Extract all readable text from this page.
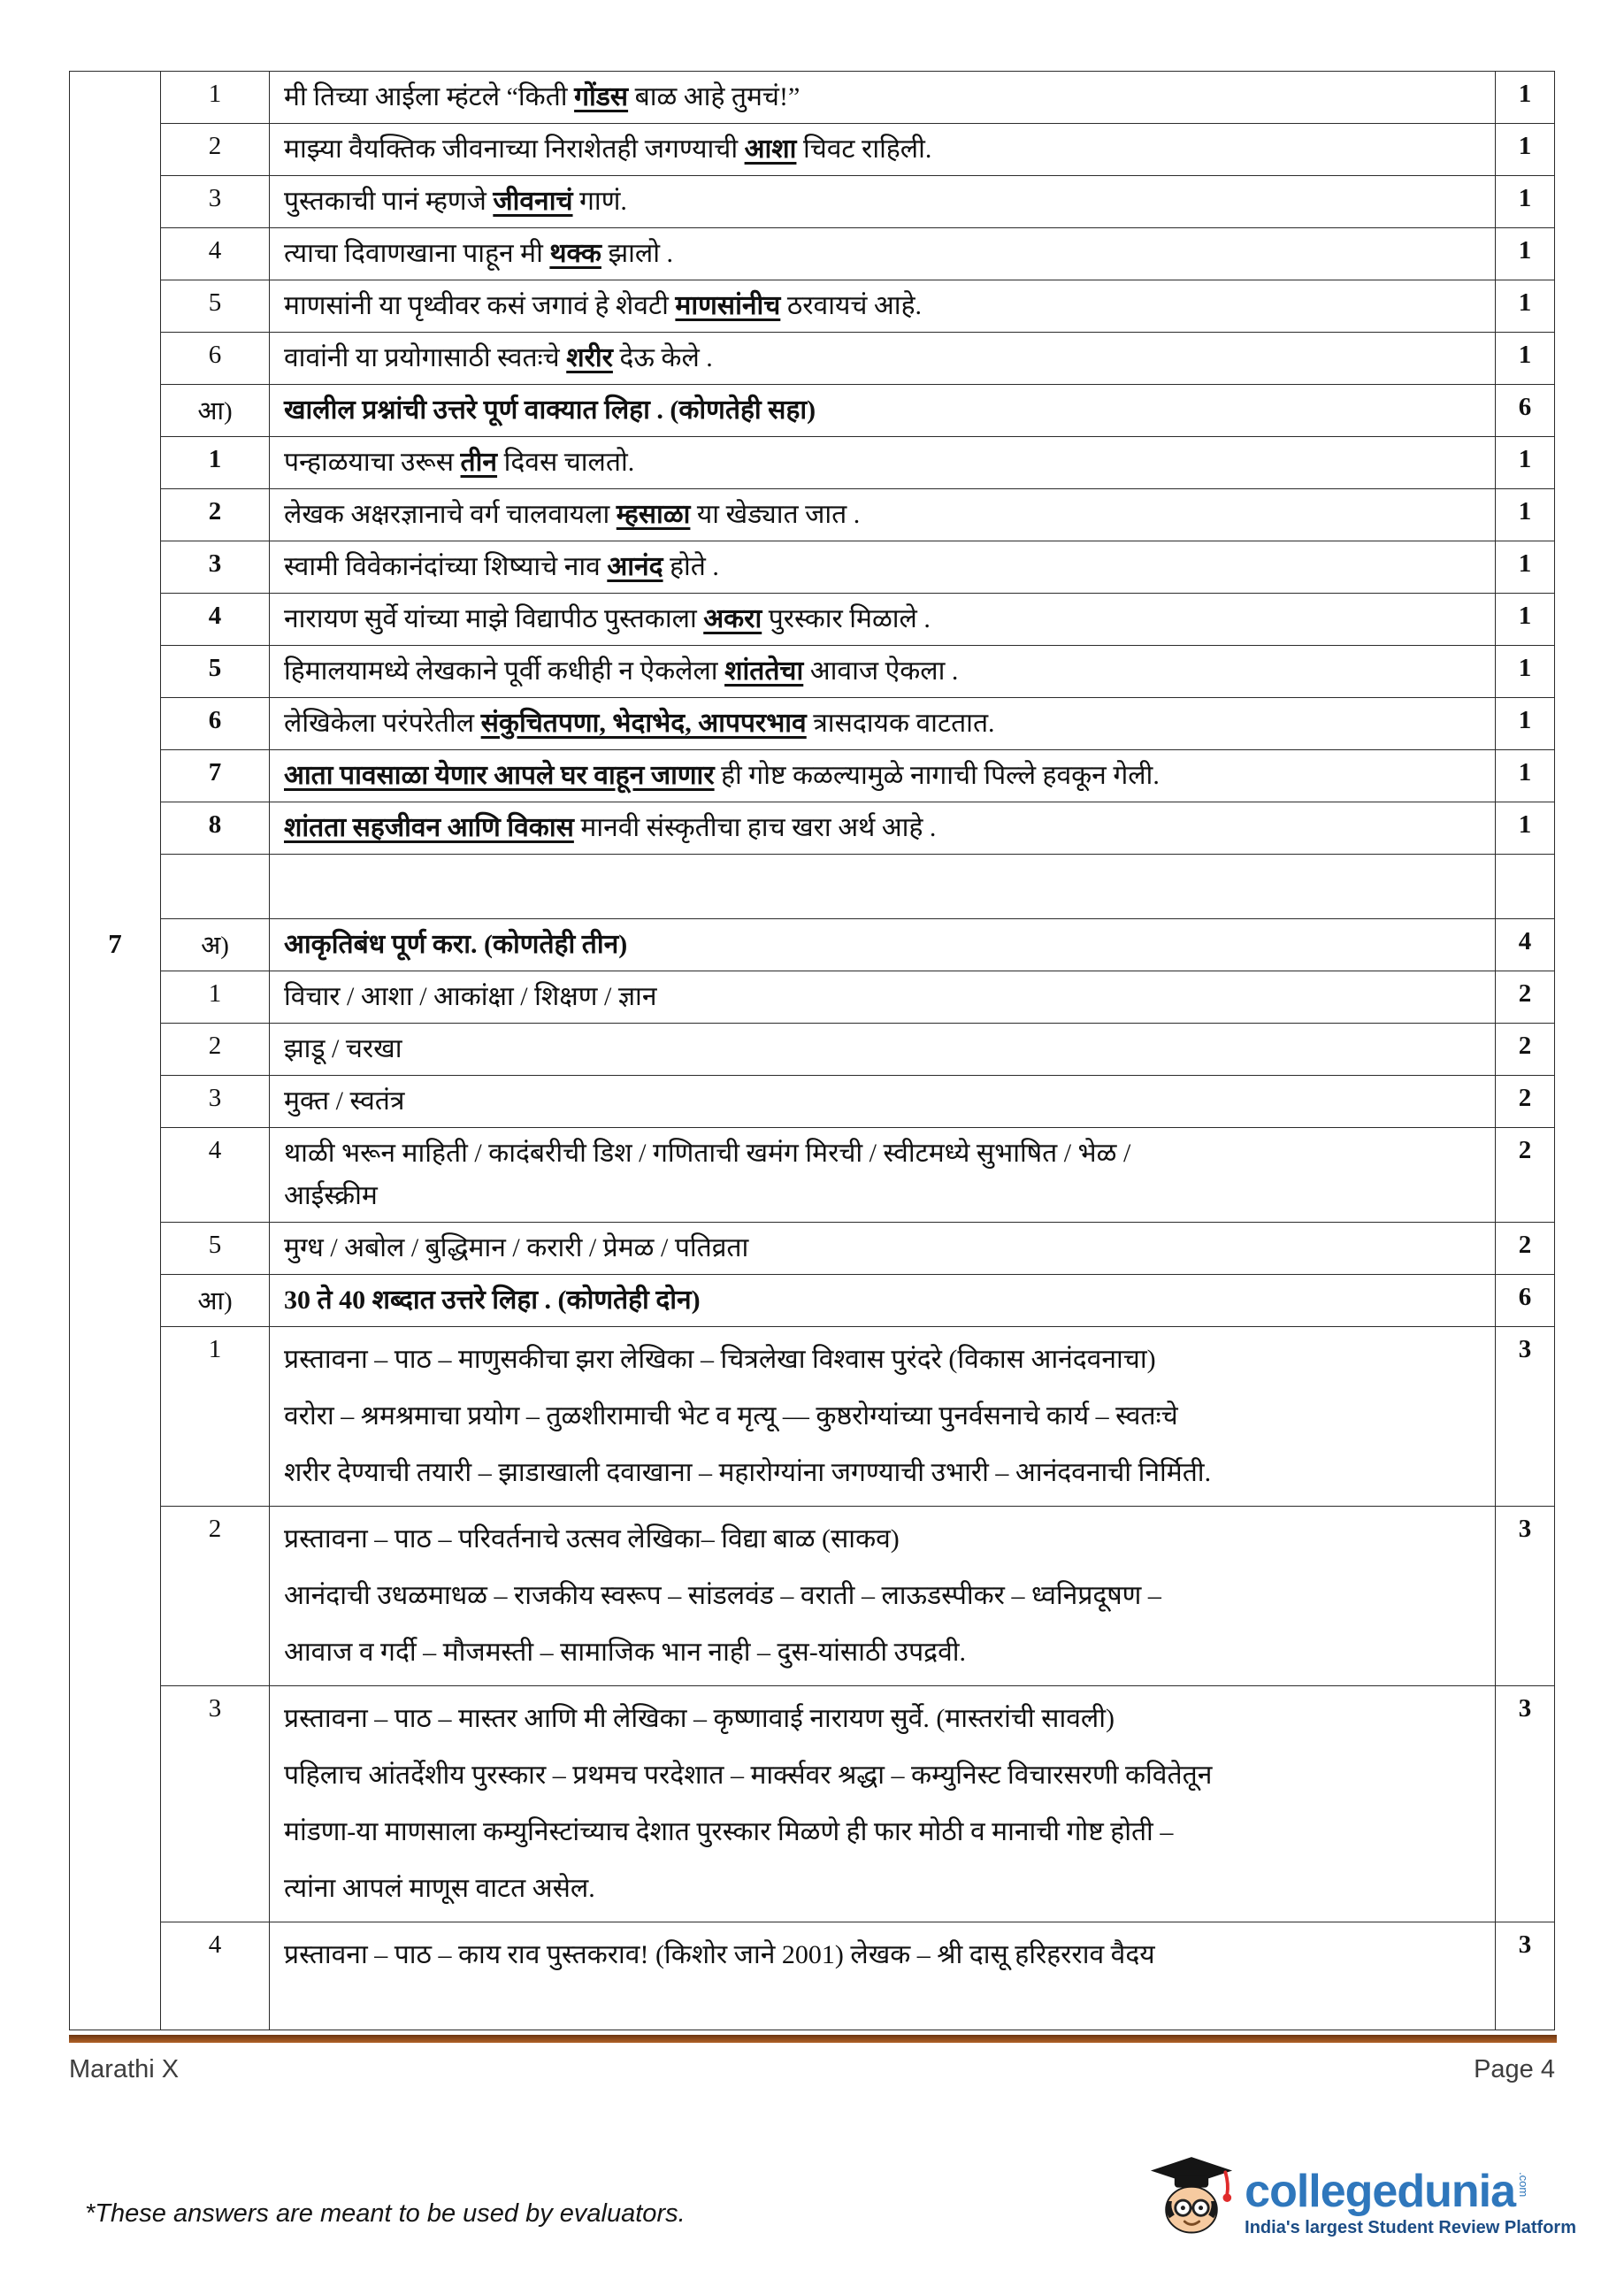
	1	मी तिच्या आईला म्हंटले “किती गोंडस बाळ आहे तुमचं!”	1
	2	माझ्या वैयक्तिक जीवनाच्या निराशेतही जगण्याची आशा चिवट राहिली.	1
	3	पुस्तकाची पानं म्हणजे जीवनाचं गाणं.	1
	4	त्याचा दिवाणखाना पाहून मी थक्क झालो .	1
	5	माणसांनी या पृथ्वीवर कसं जगावं हे शेवटी माणसांनीच ठरवायचं आहे.	1
	6	वावांनी या प्रयोगासाठी स्वतःचे शरीर देऊ केले .	1
	आ)	खालील प्रश्नांची उत्तरे पूर्ण वाक्यात लिहा . (कोणतेही सहा)	6
	1	पन्हाळयाचा उरूस तीन दिवस चालतो.	1
	2	लेखक अक्षरज्ञानाचे वर्ग चालवायला म्हसाळा या खेड्यात जात .	1
	3	स्वामी विवेकानंदांच्या शिष्याचे नाव आनंद होते .	1
	4	नारायण सुर्वे यांच्या माझे विद्यापीठ पुस्तकाला अकरा पुरस्कार मिळाले .	1
	5	हिमालयामध्ये लेखकाने पूर्वी कधीही न ऐकलेला शांततेचा आवाज ऐकला .	1
	6	लेखिकेला परंपरेतील संकुचितपणा, भेदाभेद, आपपरभाव त्रासदायक वाटतात.	1
	7	आता पावसाळा येणार आपले घर वाहून जाणार ही गोष्ट कळल्यामुळे नागाची पिल्ले हवकून गेली.	1
	8	शांतता सहजीवन आणि विकास मानवी संस्कृतीचा हाच खरा अर्थ आहे .	1

7	अ)	आकृतिबंध पूर्ण करा. (कोणतेही तीन)	4
	1	विचार / आशा / आकांक्षा / शिक्षण / ज्ञान	2
	2	झाडू / चरखा	2
	3	मुक्त / स्वतंत्र	2
	4	थाळी भरून माहिती / कादंबरीची डिश / गणिताची खमंग मिरची / स्वीटमध्ये सुभाषित / भेळ /
आईस्क्रीम	2
	5	मुग्ध / अबोल / बुद्धिमान / करारी / प्रेमळ / पतिव्रता	2
	आ)	30 ते 40 शब्दात उत्तरे लिहा . (कोणतेही दोन)	6
	1	प्रस्तावना – पाठ – माणुसकीचा झरा लेखिका – चित्रलेखा विश्वास पुरंदरे (विकास आनंदवनाचा)
वरोरा – श्रमश्रमाचा प्रयोग – तुळशीरामाची भेट व मृत्यू –– कुष्ठरोग्यांच्या पुनर्वसनाचे कार्य – स्वतःचे
शरीर देण्याची तयारी – झाडाखाली दवाखाना – महारोग्यांना जगण्याची उभारी – आनंदवनाची निर्मिती.	3
	2	प्रस्तावना – पाठ – परिवर्तनाचे उत्सव लेखिका– विद्या बाळ (साकव)
आनंदाची उधळमाधळ – राजकीय स्वरूप – सांडलवंड – वराती – लाऊडस्पीकर – ध्वनिप्रदूषण –
आवाज व गर्दी – मौजमस्ती – सामाजिक भान नाही – दुस-यांसाठी उपद्रवी.	3
	3	प्रस्तावना – पाठ – मास्तर आणि मी लेखिका – कृष्णावाई नारायण सुर्वे. (मास्तरांची सावली)
पहिलाच आंतर्देशीय पुरस्कार – प्रथमच परदेशात – मार्क्सवर श्रद्धा – कम्युनिस्ट विचारसरणी कवितेतून
मांडणा-या माणसाला कम्युनिस्टांच्याच देशात पुरस्कार मिळणे ही फार मोठी व मानाची गोष्ट होती –
त्यांना आपलं माणूस वाटत असेल.	3
	4	प्रस्तावना – पाठ – काय राव पुस्तकराव! (किशोर जाने 2001) लेखक – श्री दासू हरिहरराव वैदय	3
Marathi X	Page 4
*These answers are meant to be used by evaluators.	collegedunia .com
India's largest Student Review Platform
